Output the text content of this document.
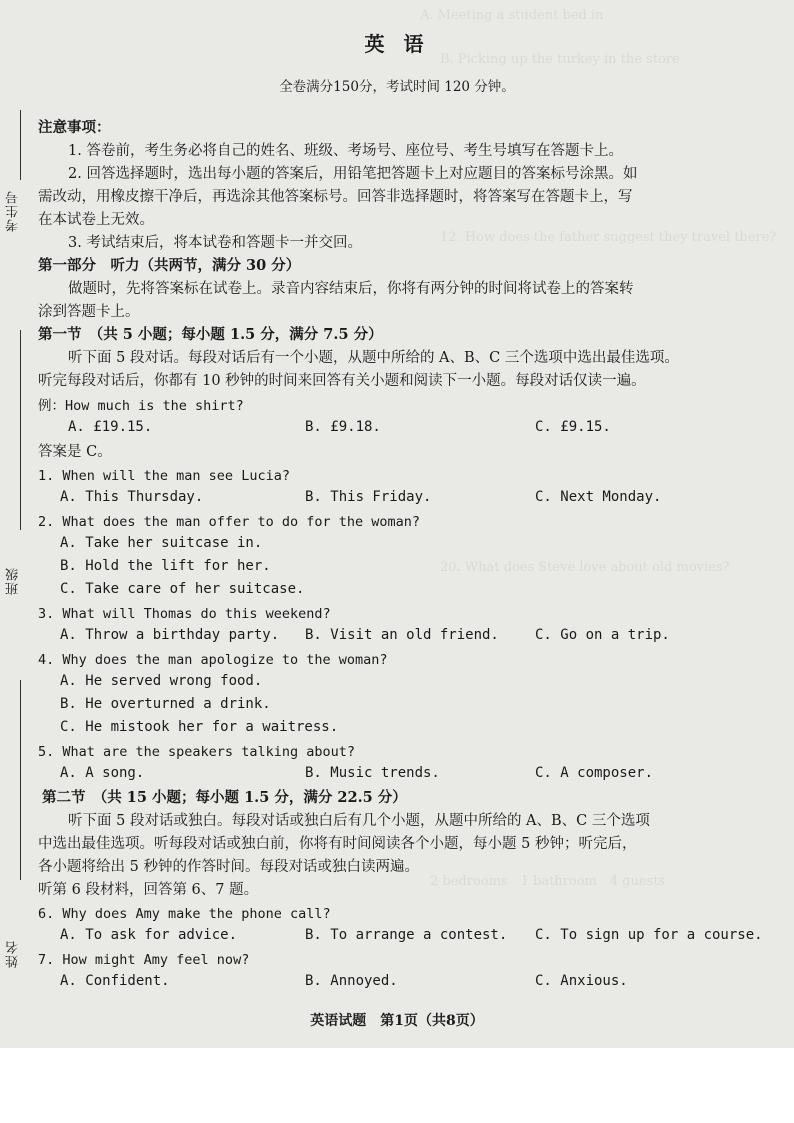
A. Meeting a student bed in
B. Picking up the turkey in the store
12. How does the father suggest they travel there?
20. What does Steve love about old movies?
2 bedrooms　1 bathroom　4 guests
考生号
班级
姓名
英 语
全卷满分150分，考试时间 120 分钟。
注意事项：
1. 答卷前，考生务必将自己的姓名、班级、考场号、座位号、考生号填写在答题卡上。
2. 回答选择题时，选出每小题的答案后，用铅笔把答题卡上对应题目的答案标号涂黑。如
需改动，用橡皮擦干净后，再选涂其他答案标号。回答非选择题时，将答案写在答题卡上，写
在本试卷上无效。
3. 考试结束后，将本试卷和答题卡一并交回。
第一部分　听力（共两节，满分 30 分）
做题时，先将答案标在试卷上。录音内容结束后，你将有两分钟的时间将试卷上的答案转
涂到答题卡上。
第一节　（共 5 小题；每小题 1.5 分，满分 7.5 分）
听下面 5 段对话。每段对话后有一个小题，从题中所给的 A、B、C 三个选项中选出最佳选项。
听完每段对话后，你都有 10 秒钟的时间来回答有关小题和阅读下一小题。每段对话仅读一遍。
例：How much is the shirt?
A. £19.15.	B. £9.18.	C. £9.15.
答案是 C。
1. When will the man see Lucia?
A. This Thursday.	B. This Friday.	C. Next Monday.
2. What does the man offer to do for the woman?
A. Take her suitcase in.
B. Hold the lift for her.
C. Take care of her suitcase.
3. What will Thomas do this weekend?
A. Throw a birthday party. B. Visit an old friend.	C. Go on a trip.
4. Why does the man apologize to the woman?
A. He served wrong food.
B. He overturned a drink.
C. He mistook her for a waitress.
5. What are the speakers talking about?
A. A song.	B. Music trends.	C. A composer.
第二节　（共 15 小题；每小题 1.5 分，满分 22.5 分）
听下面 5 段对话或独白。每段对话或独白后有几个小题，从题中所给的 A、B、C 三个选项
中选出最佳选项。听每段对话或独白前，你将有时间阅读各个小题，每小题 5 秒钟；听完后，
各小题将给出 5 秒钟的作答时间。每段对话或独白读两遍。
听第 6 段材料，回答第 6、7 题。
6. Why does Amy make the phone call?
A. To ask for advice.	B. To arrange a contest. C. To sign up for a course.
7. How might Amy feel now?
A. Confident.	B. Annoyed.	C. Anxious.
英语试题　第1页（共8页）
